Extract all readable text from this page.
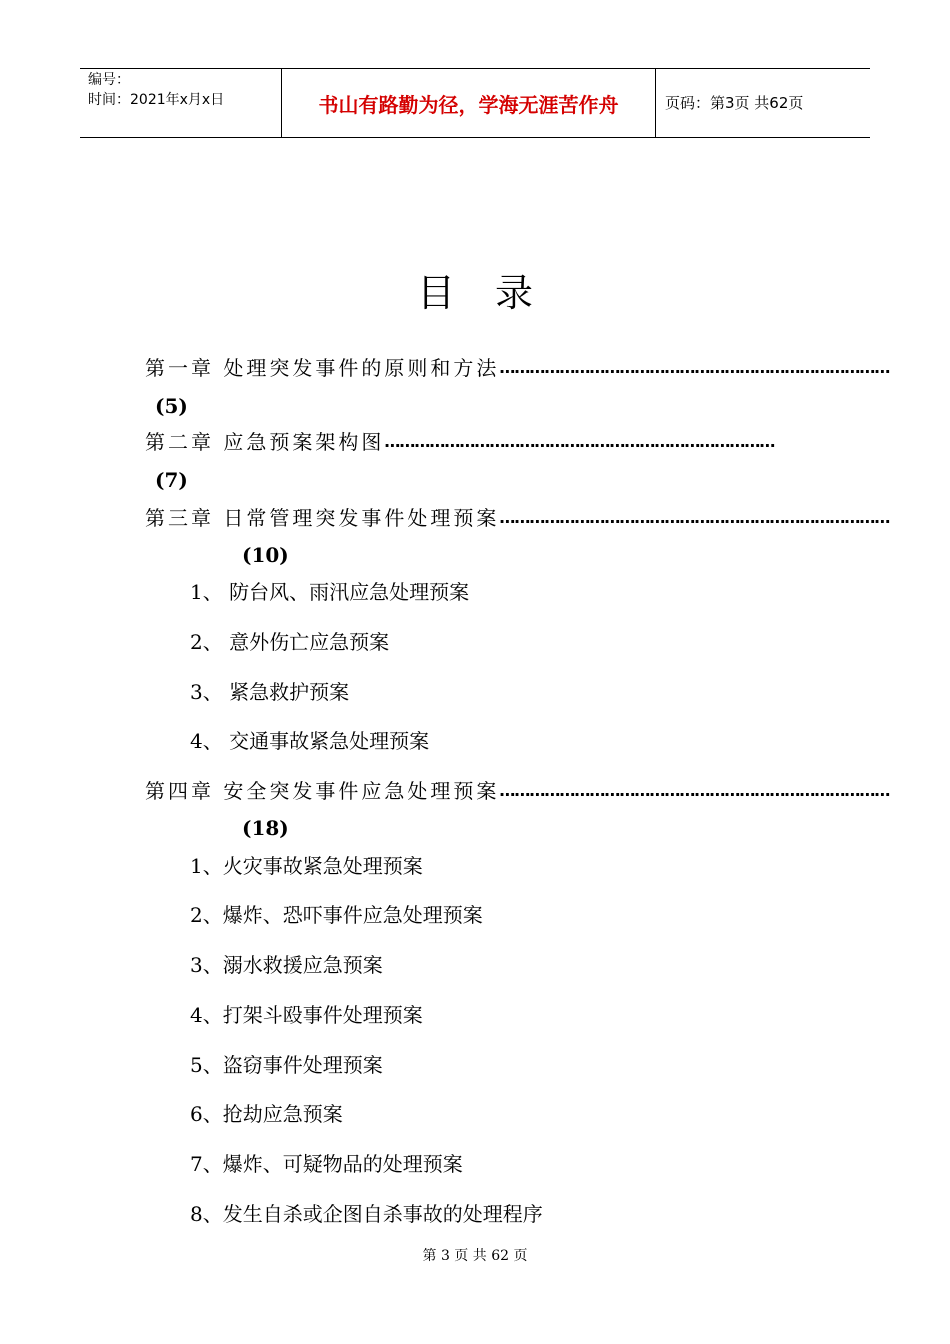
编号：
时间：2021年x月x日	书山有路勤为径，学海无涯苦作舟	页码：第3页 共62页
目录
第一章 处理突发事件的原则和方法 ……………………………………………………………………
(5)
第二章 应急预案架构图 ……………………………………………………………………
(7)
第三章 日常管理突发事件处理预案 ……………………………………………………………………
(10)
1、 防台风、雨汛应急处理预案
2、 意外伤亡应急预案
3、 紧急救护预案
4、 交通事故紧急处理预案
第四章 安全突发事件应急处理预案 ……………………………………………………………………
(18)
1、火灾事故紧急处理预案
2、爆炸、恐吓事件应急处理预案
3、溺水救援应急预案
4、打架斗殴事件处理预案
5、盗窃事件处理预案
6、抢劫应急预案
7、爆炸、可疑物品的处理预案
8、发生自杀或企图自杀事故的处理程序
第 3 页 共 62 页
